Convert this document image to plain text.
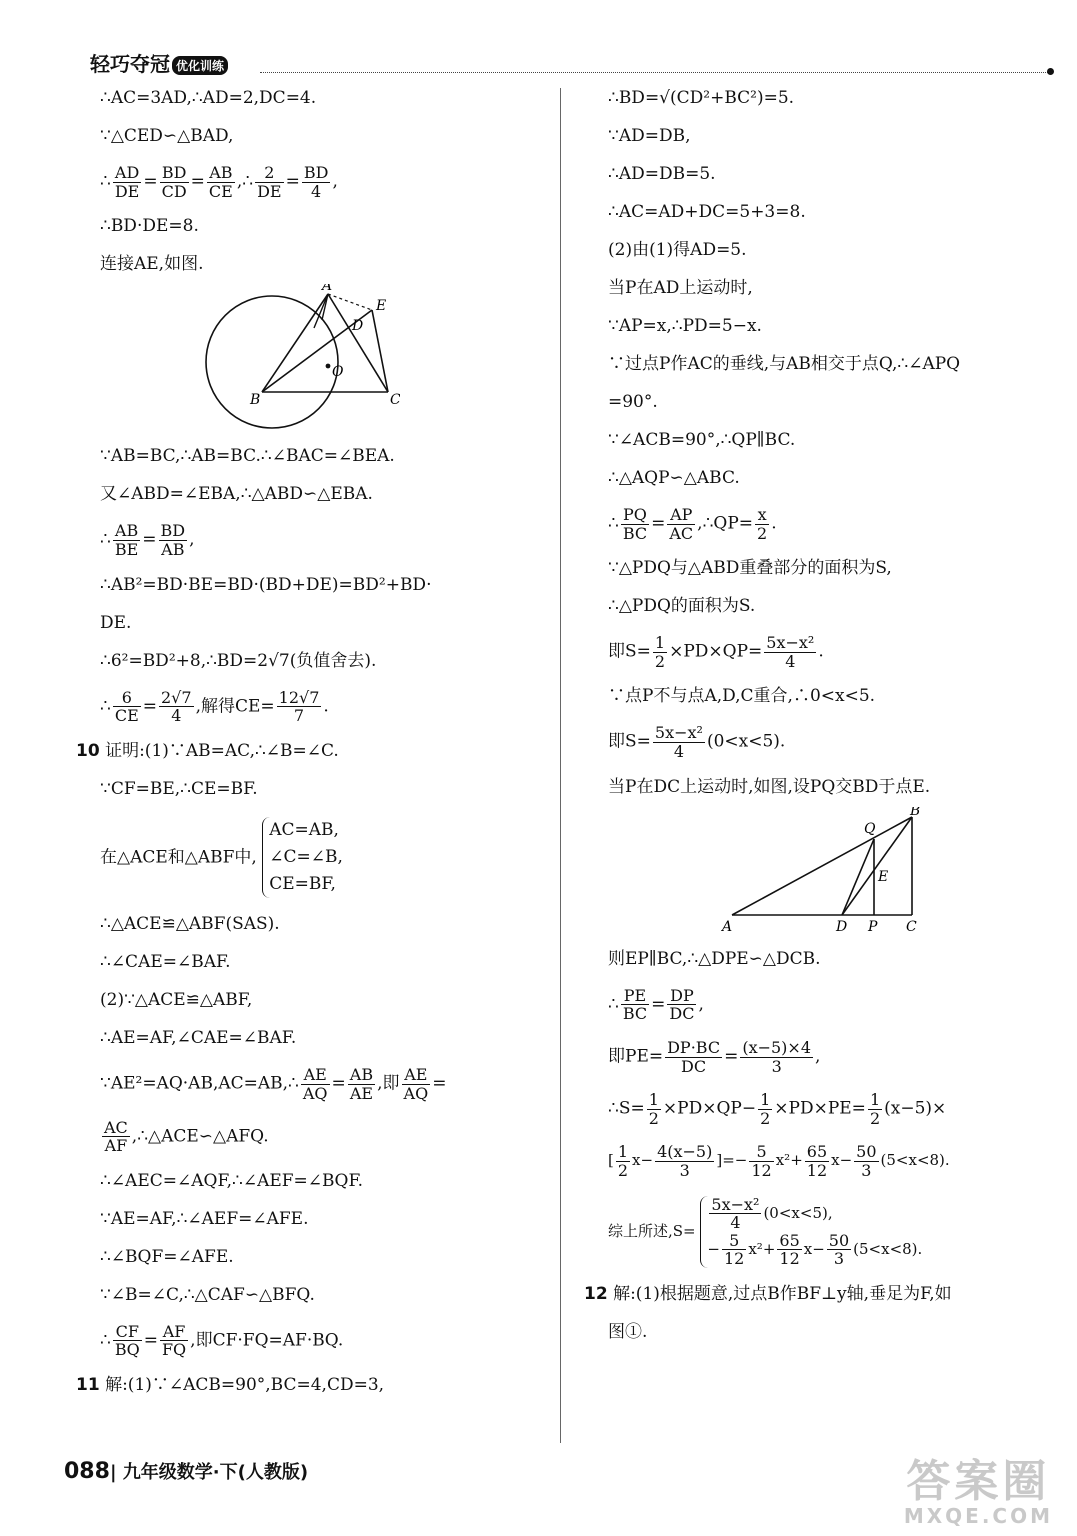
轻巧夺冠 优化训练

∴AC=3AD,∴AD=2,DC=4.

∵△CED∽△BAD,

∴ $\frac{AD}{DE} = \frac{BD}{CD} = \frac{AB}{CE}$ ,∴ $\frac{2}{DE} = \frac{BD}{4}$ ,

∴BD·DE=8.

连接AE,如图.

A
D
E
O
B	C

∵AB=BC,∴AB=BC.∴∠BAC=∠BEA.

又∠ABD=∠EBA,∴△ABD∽△EBA.

∴ $\frac{AB}{BE} = \frac{BD}{AB}$ ,

∴AB²=BD·BE=BD·(BD+DE)=BD²+BD·

DE.

∴6²=BD²+8,∴BD=2√7(负值舍去).

∴ $\frac{6}{CE} = \frac{2√7}{4}$ ,解得$CE= \frac{12√7}{7}$ .

10 证明:(1)∵AB=AC,∴∠B=∠C.

∵CF=BE,∴CE=BF.

在△ACE和△ABF中,
AC=AB,
∠C=∠B,
CE=BF,

∴△ACE≌△ABF(SAS).

∴∠CAE=∠BAF.

(2)∵△ACE≌△ABF,

∴AE=AF,∠CAE=∠BAF.

∵AE²=AQ·AB,AC=AB,∴ $\frac{AE}{AQ} = \frac{AB}{AE}$ ,即 $\frac{AE}{AQ}$ =

$\frac{AC}{AF}$ ,∴△ACE∽△AFQ.

∴∠AEC=∠AQF,∴∠AEF=∠BQF.

∵AE=AF,∴∠AEF=∠AFE.

∴∠BQF=∠AFE.

∵∠B=∠C,∴△CAF∽△BFQ.

∴ $\frac{CF}{BQ} = \frac{AF}{FQ}$ ,即CF·FQ=AF·BQ.

11 解:(1)∵∠ACB=90°,BC=4,CD=3,

∴BD=√(CD²+BC²)=5.

∵AD=DB,

∴AD=DB=5.

∴AC=AD+DC=5+3=8.

(2)由(1)得AD=5.

当P在AD上运动时,

∵AP=x,∴PD=5−x.

∵过点P作AC的垂线,与AB相交于点Q,∴∠APQ

=90°.

∵∠ACB=90°,∴QP∥BC.

∴△AQP∽△ABC.

∴ $\frac{PQ}{BC} = \frac{AP}{AC}$ ,∴QP= $\frac{x}{2}$ .

∵△PDQ与△ABD重叠部分的面积为S,

∴△PDQ的面积为S.

即$S= \frac{1}{2} \times PD\times QP= \frac{\text{5x−x²}}{4}$ .

∵点P不与点A,D,C重合,∴0<x<5.

即$S= \frac{\text{5x−x²}}{4} (0<x<5)$.

当P在DC上运动时,如图,设PQ交BD于点E.

Q
B
E
A	D P C

则EP∥BC,∴△DPE∽△DCB.

∴ $\frac{PE}{BC} = \frac{DP}{DC}$ ,

即$PE= \frac{DP\cdot BC}{DC} = \frac{(x-5)\times 4}{3}$ ,

∴S= $\frac{1}{2} \times PD\times QP- \frac{1}{2} \times PD\times PE= \frac{1}{2} (x-5)\times$

[ $\frac{1}{2} x- \frac{4(x-5)}{3}$ ]=− $\frac{5}{12} x^2+ \frac{65}{12} x- \frac{50}{3} (5<x<8)$.

综上所述$,S= \frac{\text{5x−x²}}{4} (0<x<5)$,
− $\frac{5}{12} x^2+ \frac{65}{12} x- \frac{50}{3} (5<x<8)$.

12 解:(1)根据题意,过点B作BF⊥y轴,垂足为F,如

图①.

088| 九年级数学·下(人教版)	答案圈
MXQE.COM
